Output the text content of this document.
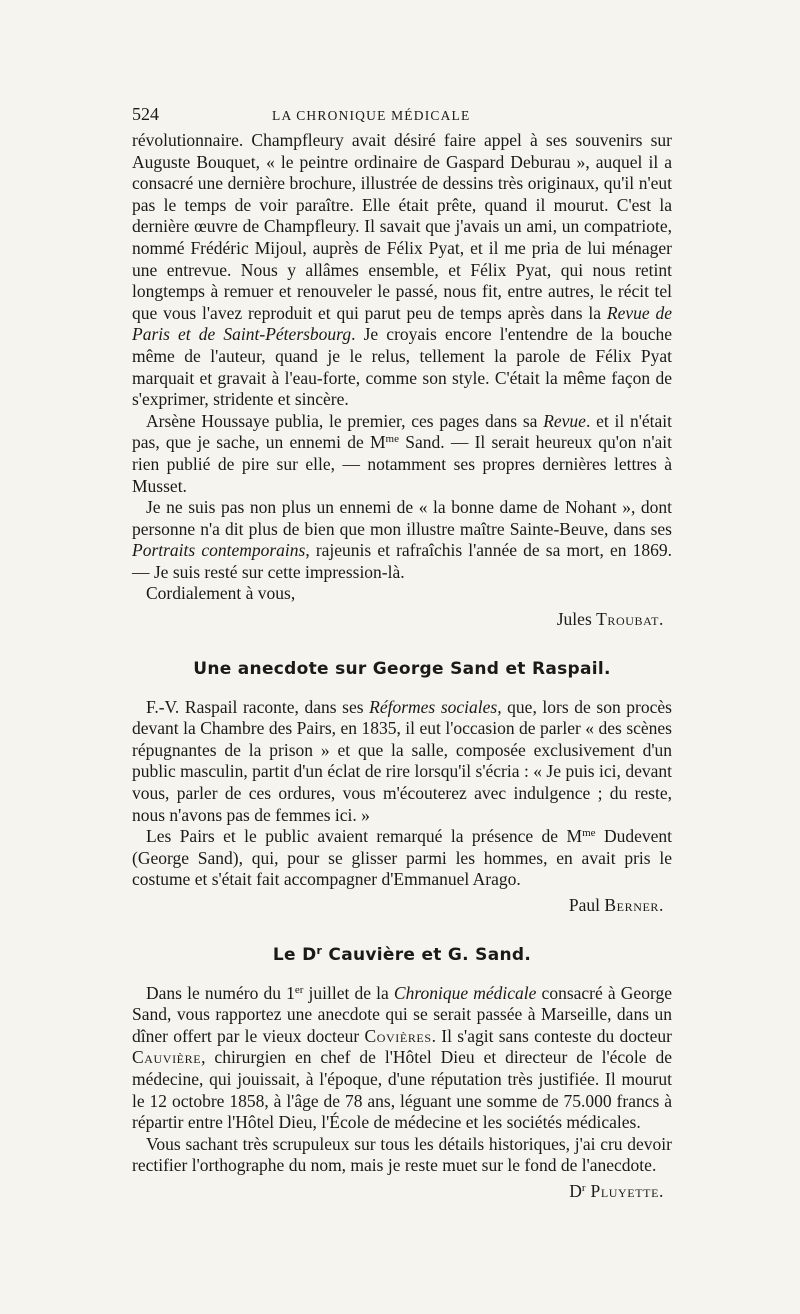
524	LA CHRONIQUE MÉDICALE

révolutionnaire. Champfleury avait désiré faire appel à ses souvenirs sur Auguste Bouquet, « le peintre ordinaire de Gaspard Deburau », auquel il a consacré une dernière brochure, illustrée de dessins très originaux, qu'il n'eut pas le temps de voir paraître. Elle était prête, quand il mourut. C'est la dernière œuvre de Champfleury. Il savait que j'avais un ami, un compatriote, nommé Frédéric Mijoul, auprès de Félix Pyat, et il me pria de lui ménager une entrevue. Nous y allâmes ensemble, et Félix Pyat, qui nous retint longtemps à remuer et renouveler le passé, nous fit, entre autres, le récit tel que vous l'avez reproduit et qui parut peu de temps après dans la Revue de Paris et de Saint-Pétersbourg. Je croyais encore l'entendre de la bouche même de l'auteur, quand je le relus, tellement la parole de Félix Pyat marquait et gravait à l'eau-forte, comme son style. C'était la même façon de s'exprimer, stridente et sincère.

Arsène Houssaye publia, le premier, ces pages dans sa Revue. et il n'était pas, que je sache, un ennemi de $M^{me}$ Sand. — Il serait heureux qu'on n'ait rien publié de pire sur elle, — notamment ses propres dernières lettres à Musset.

Je ne suis pas non plus un ennemi de « la bonne dame de Nohant », dont personne n'a dit plus de bien que mon illustre maître Sainte-Beuve, dans ses Portraits contemporains, rajeunis et rafraîchis l'année de sa mort, en 1869. — Je suis resté sur cette impression-là.

Cordialement à vous,

Jules Troubat.
Une anecdote sur George Sand et Raspail.

F.-V. Raspail raconte, dans ses Réformes sociales, que, lors de son procès devant la Chambre des Pairs, en 1835, il eut l'occasion de parler « des scènes répugnantes de la prison » et que la salle, composée exclusivement d'un public masculin, partit d'un éclat de rire lorsqu'il s'écria : « Je puis ici, devant vous, parler de ces ordures, vous m'écouterez avec indulgence ; du reste, nous n'avons pas de femmes ici. »

Les Pairs et le public avaient remarqué la présence de $M^{me}$ Dudevent (George Sand), qui, pour se glisser parmi les hommes, en avait pris le costume et s'était fait accompagner d'Emmanuel Arago.

Paul Berner.
Le $D^r$ Cauvière et G. Sand.

Dans le numéro du 1er juillet de la Chronique médicale consacré à George Sand, vous rapportez une anecdote qui se serait passée à Marseille, dans un dîner offert par le vieux docteur Covières. Il s'agit sans conteste du docteur Cauvière, chirurgien en chef de l'Hôtel Dieu et directeur de l'école de médecine, qui jouissait, à l'époque, d'une réputation très justifiée. Il mourut le 12 octobre 1858, à l'âge de 78 ans, léguant une somme de 75.000 francs à répartir entre l'Hôtel Dieu, l'École de médecine et les sociétés médicales.

Vous sachant très scrupuleux sur tous les détails historiques, j'ai cru devoir rectifier l'orthographe du nom, mais je reste muet sur le fond de l'anecdote.

$D^r$ Pluyette.
